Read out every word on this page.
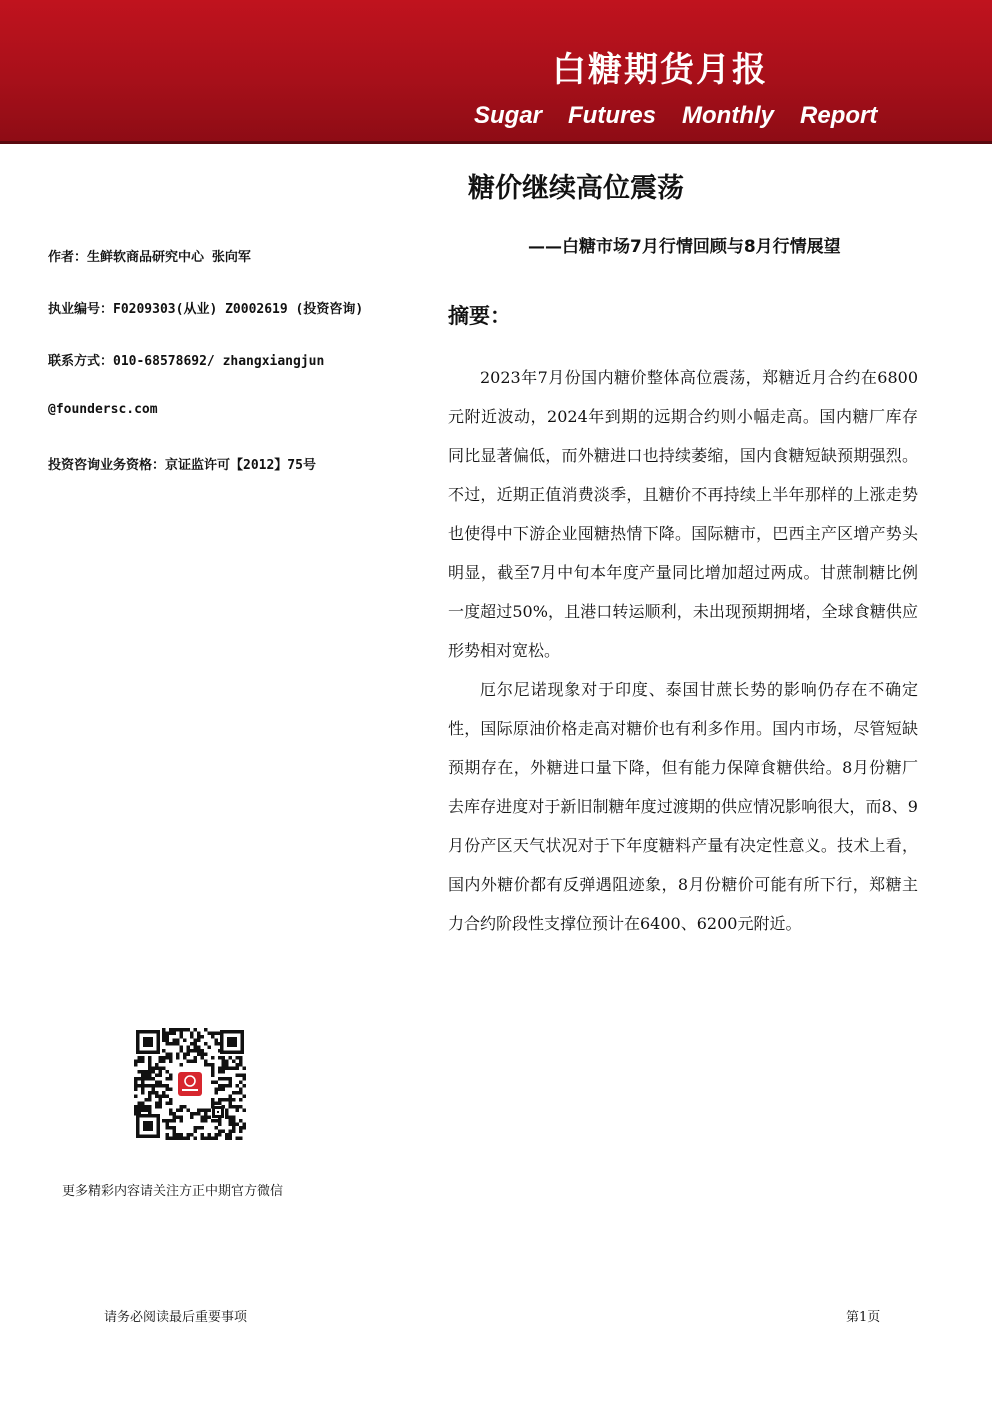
白糖期货月报
Sugar Futures Monthly Report
糖价继续高位震荡
——白糖市场7月行情回顾与8月行情展望
作者：生鲜软商品研究中心 张向军
执业编号：F0209303(从业) Z0002619 (投资咨询)
联系方式：010-68578692/ zhangxiangjun
@foundersc.com
投资咨询业务资格：京证监许可【2012】75号
摘要：

2023年7月份国内糖价整体高位震荡，郑糖近月合约在6800元附近波动，2024年到期的远期合约则小幅走高。国内糖厂库存同比显著偏低，而外糖进口也持续萎缩，国内食糖短缺预期强烈。不过，近期正值消费淡季，且糖价不再持续上半年那样的上涨走势也使得中下游企业囤糖热情下降。国际糖市，巴西主产区增产势头明显，截至7月中旬本年度产量同比增加超过两成。甘蔗制糖比例一度超过50%，且港口转运顺利，未出现预期拥堵，全球食糖供应形势相对宽松。

厄尔尼诺现象对于印度、泰国甘蔗长势的影响仍存在不确定性，国际原油价格走高对糖价也有利多作用。国内市场，尽管短缺预期存在，外糖进口量下降，但有能力保障食糖供给。8月份糖厂去库存进度对于新旧制糖年度过渡期的供应情况影响很大，而8、9月份产区天气状况对于下年度糖料产量有决定性意义。技术上看，国内外糖价都有反弹遇阻迹象，8月份糖价可能有所下行，郑糖主力合约阶段性支撑位预计在6400、6200元附近。

更多精彩内容请关注方正中期官方微信
请务必阅读最后重要事项	第1页
